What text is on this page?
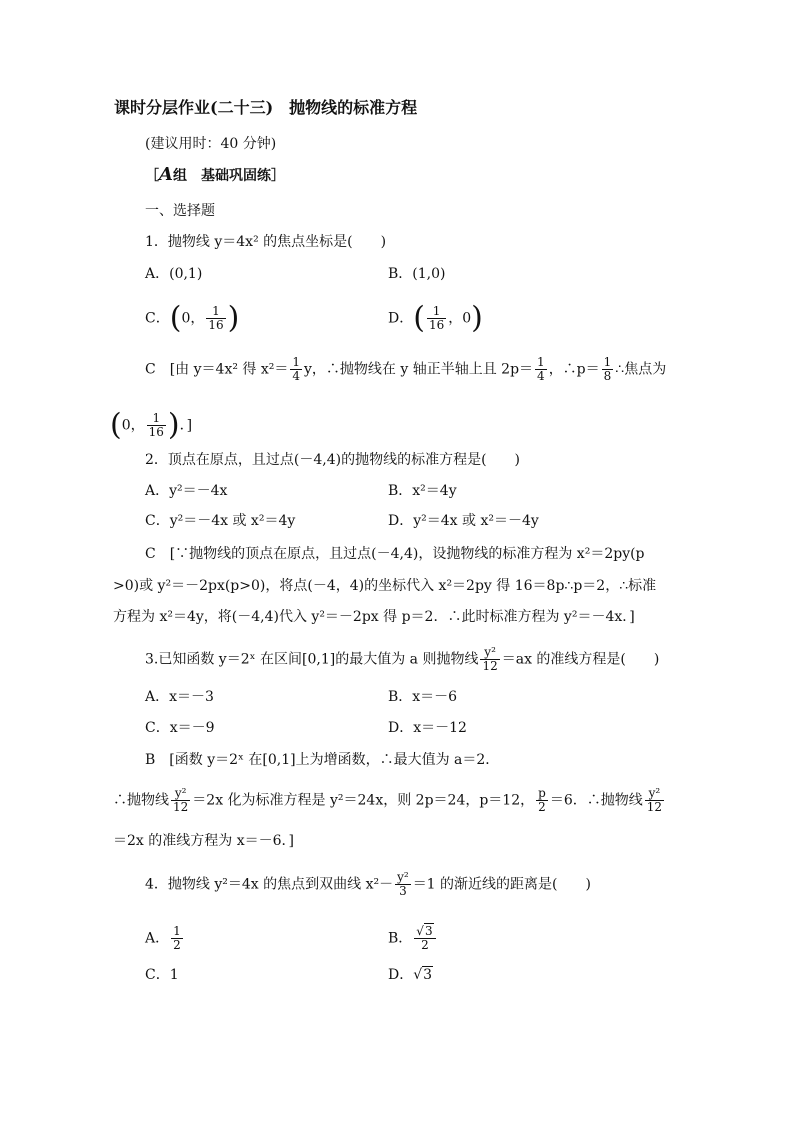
课时分层作业(二十三)　抛物线的标准方程
(建议用时：40 分钟)
［A组　基础巩固练］
一、选择题
1．抛物线 y＝4x² 的焦点坐标是(　　)
A．(0,1)	B．(1,0)
C．(0， $\frac{1}{16}$ )	D．( $\frac{1}{16}$ ，0)
C　[由 y＝4x² 得 $x^2= \frac{1}{4}$ y，∴抛物线在 y 轴正半轴上且 $2p= \frac{1}{4}$ ，∴p＝ $\frac{1}{8}$ ∴焦点为
(0， $\frac{1}{16}$ )．]
2．顶点在原点，且过点(－4,4)的抛物线的标准方程是(　　)
A．y²＝－4x	B．x²＝4y
C．y²＝－4x 或 x²＝4y	D．y²＝4x 或 x²＝－4y
C　[∵抛物线的顶点在原点，且过点(－4,4)，设抛物线的标准方程为 x²＝2py(p
>0)或 y²＝－2px(p>0)，将点(－4，4)的坐标代入 x²＝2py 得 16＝8p∴p＝2，∴标准
方程为 x²＝4y，将(－4,4)代入 y²＝－2px 得 p＝2．∴此时标准方程为 y²＝－4x．]
3.已知函数 y＝2ˣ 在区间[0,1]的最大值为 a 则抛物线 $\frac{\text{y²}}{12} =ax$ 的准线方程是(　　)
A．x＝－3	B．x＝－6
C．x＝－9	D．x＝－12
B　[函数 y＝2ˣ 在[0,1]上为增函数，∴最大值为 a＝2．
∴抛物线 $\frac{\text{y²}}{12} =2x$ 化为标准方程是 y²＝24x，则 2p＝24，p＝12， $\frac{p}{2} =6$．∴抛物线 $\frac{\text{y²}}{12}$
＝2x 的准线方程为 x＝－6．]
4．抛物线 y²＝4x 的焦点到双曲线 $x^2- \frac{\text{y²}}{3} =1$ 的渐近线的距离是(　　)
A． $\frac{1}{2}$	B． $\frac{√3}{2}$
C．1	D．√3
